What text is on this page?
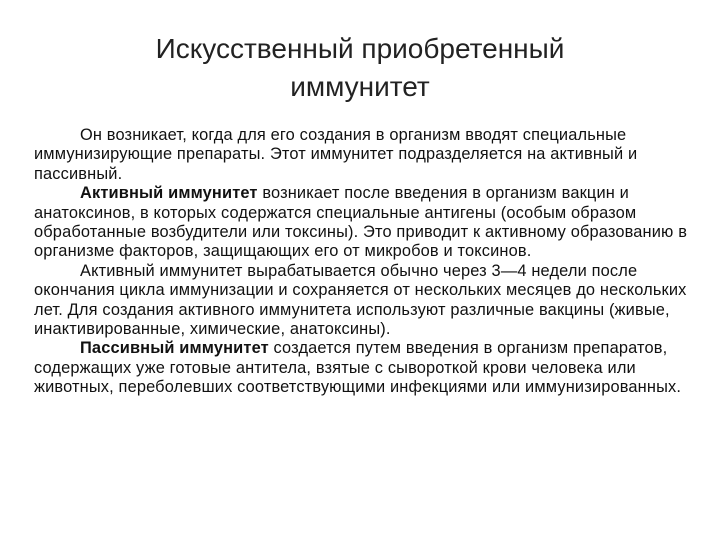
Искусственный приобретенный
иммунитет

Он возникает, когда для его создания в организм вводят специальные иммунизирующие препараты. Этот иммунитет подразделяется на активный и пассивный.

Активный иммунитет возникает после введения в организм вакцин и анатоксинов, в которых содержатся специальные антигены (особым образом обработанные возбудители или токсины). Это приводит к активному образованию в организме факторов, защищающих его от микробов и токсинов.

Активный иммунитет вырабатывается обычно через 3—4 недели после окончания цикла иммунизации и сохраняется от нескольких месяцев до нескольких лет. Для создания активного иммунитета используют различные вакцины (живые, инактивированные, химические, анатоксины).

Пассивный иммунитет создается путем введения в организм препаратов, содержащих уже готовые антитела, взятые с сывороткой крови человека или животных, переболевших соответствующими инфекциями или иммунизированных.
